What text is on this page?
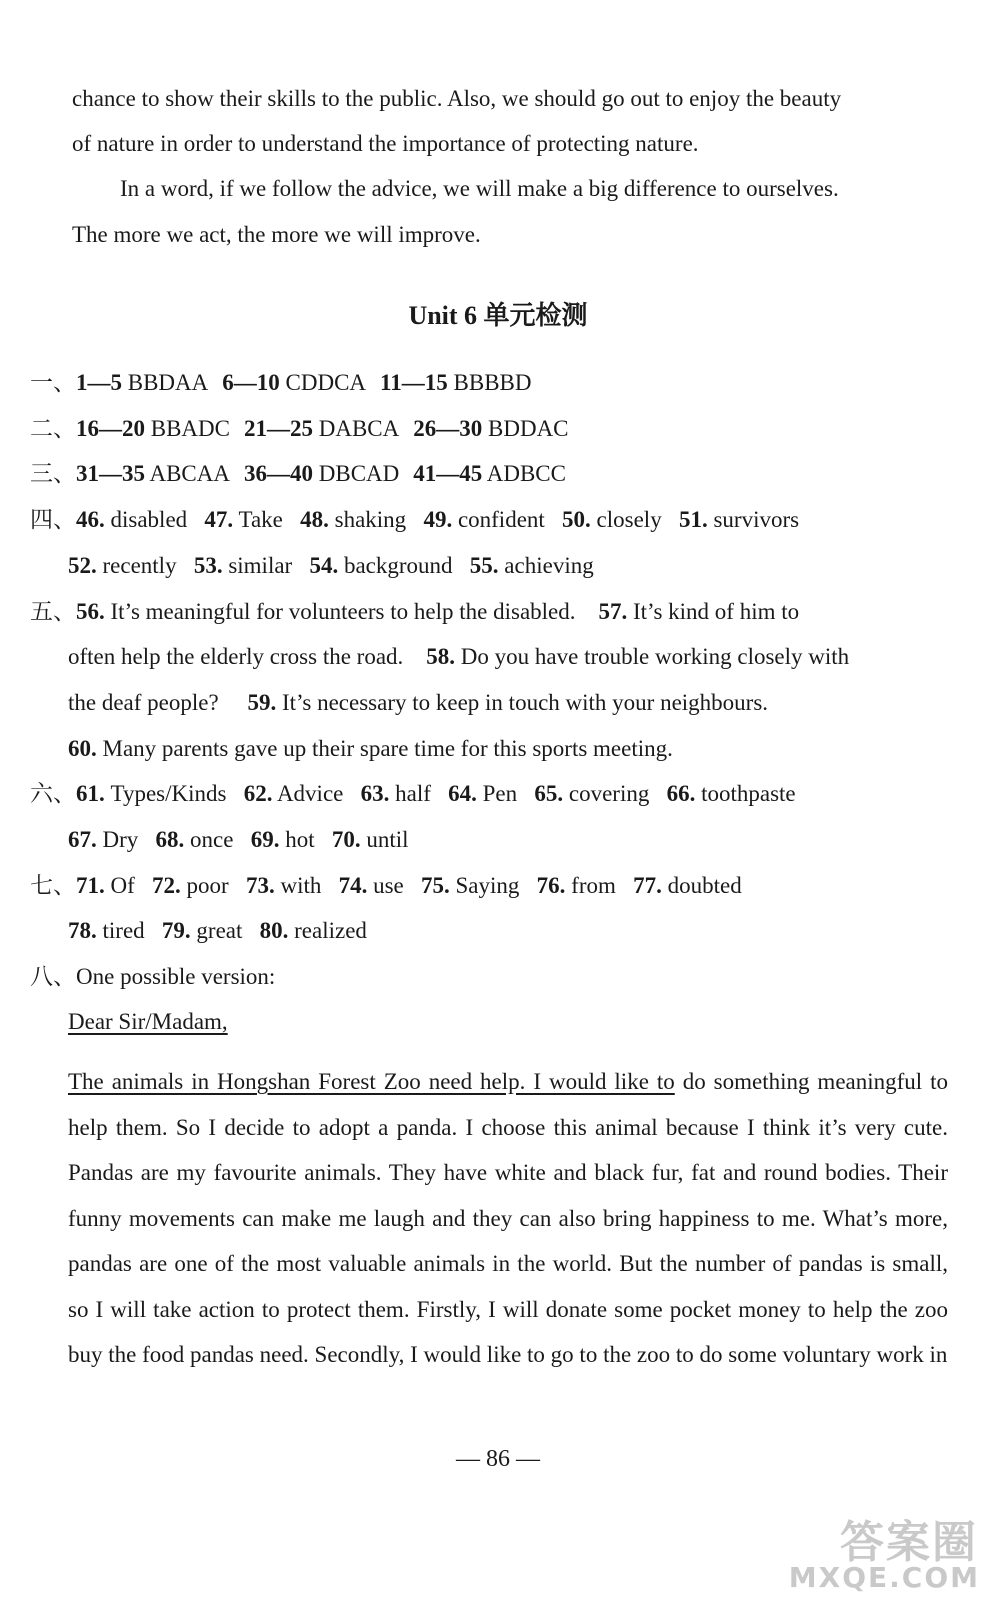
chance to show their skills to the public. Also, we should go out to enjoy the beauty
of nature in order to understand the importance of protecting nature.
In a word, if we follow the advice, we will make a big difference to ourselves.
The more we act, the more we will improve.
Unit 6 单元检测
一、1—5 BBDAA 6—10 CDDCA 11—15 BBBBD
二、16—20 BBADC 21—25 DABCA 26—30 BDDAC
三、31—35 ABCAA 36—40 DBCAD 41—45 ADBCC
四、46. disabled 47. Take 48. shaking 49. confident 50. closely 51. survivors
52. recently 53. similar 54. background 55. achieving
五、56. It’s meaningful for volunteers to help the disabled. 57. It’s kind of him to
often help the elderly cross the road. 58. Do you have trouble working closely with
the deaf people? 59. It’s necessary to keep in touch with your neighbours.
60. Many parents gave up their spare time for this sports meeting.
六、61. Types/Kinds 62. Advice 63. half 64. Pen 65. covering 66. toothpaste
67. Dry 68. once 69. hot 70. until
七、71. Of 72. poor 73. with 74. use 75. Saying 76. from 77. doubted
78. tired 79. great 80. realized
八、One possible version:
Dear Sir/Madam,
The animals in Hongshan Forest Zoo need help. I would like to do something meaningful to help them. So I decide to adopt a panda. I choose this animal because I think it’s very cute. Pandas are my favourite animals. They have white and black fur, fat and round bodies. Their funny movements can make me laugh and they can also bring happiness to me. What’s more, pandas are one of the most valuable animals in the world. But the number of pandas is small, so I will take action to protect them. Firstly, I will donate some pocket money to help the zoo buy the food pandas need. Secondly, I would like to go to the zoo to do some voluntary work in
— 86 —
答案圈
MXQE.COM
